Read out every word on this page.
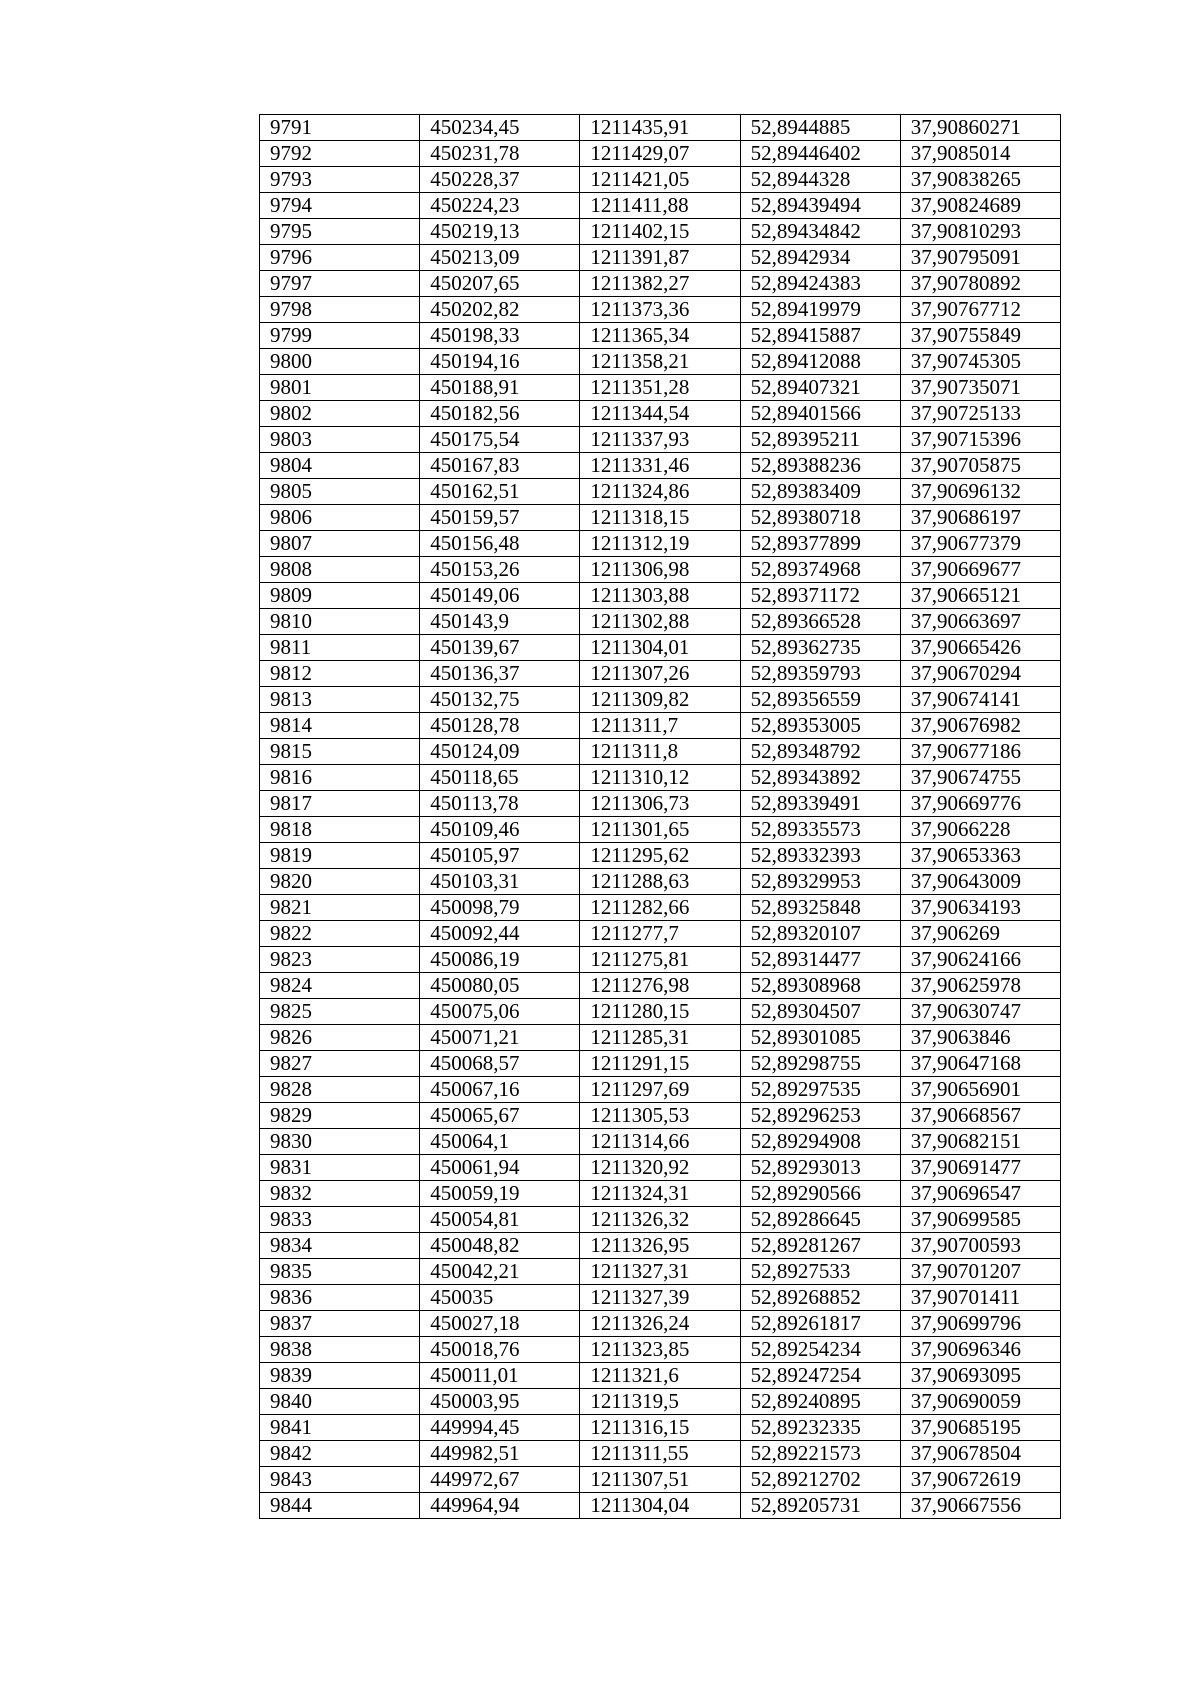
9791	450234,45	1211435,91	52,8944885	37,90860271
9792	450231,78	1211429,07	52,89446402	37,9085014
9793	450228,37	1211421,05	52,8944328	37,90838265
9794	450224,23	1211411,88	52,89439494	37,90824689
9795	450219,13	1211402,15	52,89434842	37,90810293
9796	450213,09	1211391,87	52,8942934	37,90795091
9797	450207,65	1211382,27	52,89424383	37,90780892
9798	450202,82	1211373,36	52,89419979	37,90767712
9799	450198,33	1211365,34	52,89415887	37,90755849
9800	450194,16	1211358,21	52,89412088	37,90745305
9801	450188,91	1211351,28	52,89407321	37,90735071
9802	450182,56	1211344,54	52,89401566	37,90725133
9803	450175,54	1211337,93	52,89395211	37,90715396
9804	450167,83	1211331,46	52,89388236	37,90705875
9805	450162,51	1211324,86	52,89383409	37,90696132
9806	450159,57	1211318,15	52,89380718	37,90686197
9807	450156,48	1211312,19	52,89377899	37,90677379
9808	450153,26	1211306,98	52,89374968	37,90669677
9809	450149,06	1211303,88	52,89371172	37,90665121
9810	450143,9	1211302,88	52,89366528	37,90663697
9811	450139,67	1211304,01	52,89362735	37,90665426
9812	450136,37	1211307,26	52,89359793	37,90670294
9813	450132,75	1211309,82	52,89356559	37,90674141
9814	450128,78	1211311,7	52,89353005	37,90676982
9815	450124,09	1211311,8	52,89348792	37,90677186
9816	450118,65	1211310,12	52,89343892	37,90674755
9817	450113,78	1211306,73	52,89339491	37,90669776
9818	450109,46	1211301,65	52,89335573	37,9066228
9819	450105,97	1211295,62	52,89332393	37,90653363
9820	450103,31	1211288,63	52,89329953	37,90643009
9821	450098,79	1211282,66	52,89325848	37,90634193
9822	450092,44	1211277,7	52,89320107	37,906269
9823	450086,19	1211275,81	52,89314477	37,90624166
9824	450080,05	1211276,98	52,89308968	37,90625978
9825	450075,06	1211280,15	52,89304507	37,90630747
9826	450071,21	1211285,31	52,89301085	37,9063846
9827	450068,57	1211291,15	52,89298755	37,90647168
9828	450067,16	1211297,69	52,89297535	37,90656901
9829	450065,67	1211305,53	52,89296253	37,90668567
9830	450064,1	1211314,66	52,89294908	37,90682151
9831	450061,94	1211320,92	52,89293013	37,90691477
9832	450059,19	1211324,31	52,89290566	37,90696547
9833	450054,81	1211326,32	52,89286645	37,90699585
9834	450048,82	1211326,95	52,89281267	37,90700593
9835	450042,21	1211327,31	52,8927533	37,90701207
9836	450035	1211327,39	52,89268852	37,90701411
9837	450027,18	1211326,24	52,89261817	37,90699796
9838	450018,76	1211323,85	52,89254234	37,90696346
9839	450011,01	1211321,6	52,89247254	37,90693095
9840	450003,95	1211319,5	52,89240895	37,90690059
9841	449994,45	1211316,15	52,89232335	37,90685195
9842	449982,51	1211311,55	52,89221573	37,90678504
9843	449972,67	1211307,51	52,89212702	37,90672619
9844	449964,94	1211304,04	52,89205731	37,90667556
